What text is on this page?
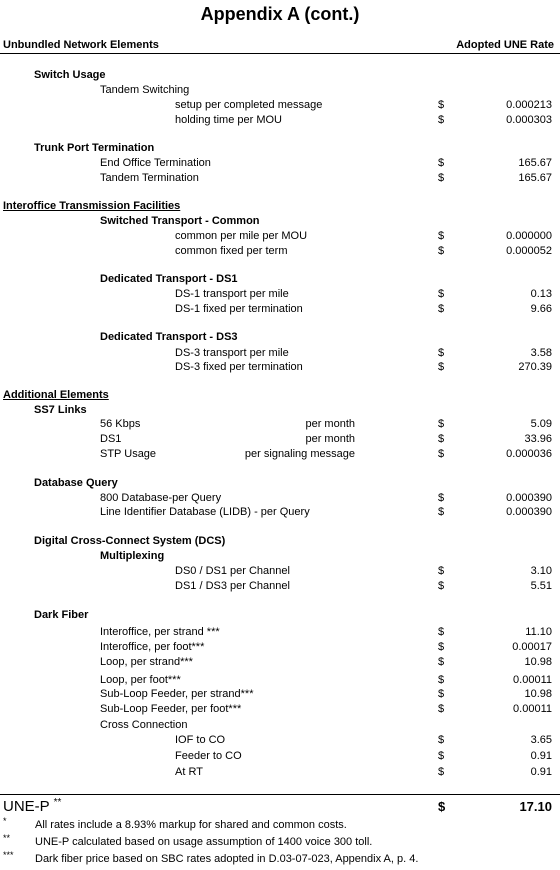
Appendix A (cont.)
Unbundled Network Elements	Adopted UNE Rate
Switch Usage
Tandem Switching
setup per completed message	$	0.000213
holding time per MOU	$	0.000303
Trunk Port Termination
End Office Termination	$	165.67
Tandem Termination	$	165.67
Interoffice Transmission Facilities
Switched Transport - Common
common per mile per MOU	$	0.000000
common fixed per term	$	0.000052
Dedicated Transport - DS1
DS-1 transport per mile	$	0.13
DS-1 fixed per termination	$	9.66
Dedicated Transport - DS3
DS-3 transport per mile	$	3.58
DS-3 fixed per termination	$	270.39
Additional Elements
SS7 Links
56 Kbps	per month	$	5.09
DS1	per month	$	33.96
STP Usage	per signaling message	$	0.000036
Database Query
800 Database-per Query	$	0.000390
Line Identifier Database (LIDB) - per Query	$	0.000390
Digital Cross-Connect System (DCS)
Multiplexing
DS0 / DS1 per Channel	$	3.10
DS1 / DS3 per Channel	$	5.51
Dark Fiber
Interoffice, per strand ***	$	11.10
Interoffice, per foot***	$	0.00017
Loop, per strand***	$	10.98
Loop, per foot***	$	0.00011
Sub-Loop Feeder, per strand***	$	10.98
Sub-Loop Feeder, per foot***	$	0.00011
Cross Connection
IOF to CO	$	3.65
Feeder to CO	$	0.91
At RT	$	0.91
UNE-P **	$	17.10
*	All rates include a 8.93% markup for shared and common costs.
** UNE-P calculated based on usage assumption of 1400 voice 300 toll.
*** Dark fiber price based on SBC rates adopted in D.03-07-023, Appendix A, p. 4.
